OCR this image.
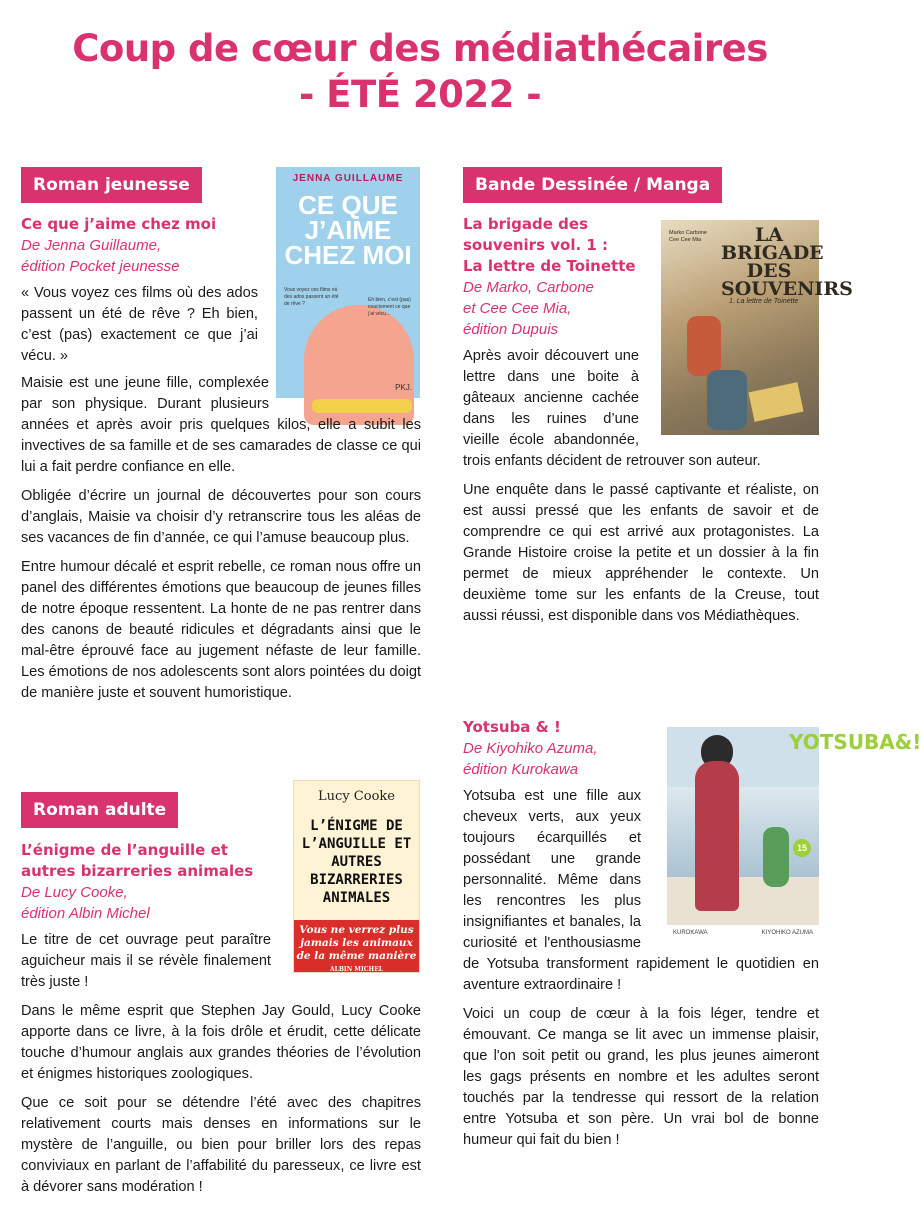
Coup de cœur des médiathécaires
- ÉTÉ 2022 -
Roman jeunesse	JENNA GUILLAUME
CE QUE J’AIME CHEZ MOI
Vous voyez ces films où des ados passent un été de rêve ?
Eh bien, c’est (pas) exactement ce que j’ai vécu...
PKJ.

Ce que j’aime chez moi

De Jenna Guillaume,

édition Pocket jeunesse

« Vous voyez ces films où des ados passent un été de rêve ? Eh bien, c’est (pas) exactement ce que j’ai vécu. »

Maisie est une jeune fille, complexée par son physique. Durant plusieurs années et après avoir pris quelques kilos, elle a subit les invectives de sa famille et de ses camarades de classe ce qui lui a fait perdre confiance en elle.

Obligée d’écrire un journal de découvertes pour son cours d’anglais, Maisie va choisir d’y retranscrire tous les aléas de ses vacances de fin d’année, ce qui l’amuse beaucoup plus.

Entre humour décalé et esprit rebelle, ce roman nous offre un panel des différentes émotions que beaucoup de jeunes filles de notre époque ressentent. La honte de ne pas rentrer dans des canons de beauté ridicules et dégradants ainsi que le mal-être éprouvé face au jugement néfaste de leur famille. Les émotions de nos adolescents sont alors pointées du doigt de manière juste et souvent humoristique.

Roman adulte
Lucy Cooke
L’ÉNIGME DE L’ANGUILLE ET AUTRES BIZARRERIES ANIMALES
Vous ne verrez plus jamais les animaux de la même manière
ALBIN MICHEL

L’énigme de l’anguille et autres bizarreries animales

De Lucy Cooke,

édition Albin Michel

Le titre de cet ouvrage peut paraître aguicheur mais il se révèle finalement très juste !

Dans le même esprit que Stephen Jay Gould, Lucy Cooke apporte dans ce livre, à la fois drôle et érudit, cette délicate touche d’humour anglais aux grandes théories de l’évolution et énigmes historiques zoologiques.

Que ce soit pour se détendre l’été avec des chapitres relativement courts mais denses en informations sur le mystère de l’anguille, ou bien pour briller lors des repas conviviaux en parlant de l’affabilité du paresseux, ce livre est à dévorer sans modération !

Bande Dessinée / Manga
Marko Carbone Cee Cee Mia	LA BRIGADE DES SOUVENIRS
1. La lettre de Toinette

La brigade des

souvenirs vol. 1 :

La lettre de Toinette

De Marko, Carbone

et Cee Cee Mia,

édition Dupuis

Après avoir découvert une lettre dans une boite à gâteaux ancienne cachée dans les ruines d’une vieille école abandonnée, trois enfants décident de retrouver son auteur.

Une enquête dans le passé captivante et réaliste, on est aussi pressé que les enfants de savoir et de comprendre ce qui est arrivé aux protagonistes. La Grande Histoire croise la petite et un dossier à la fin permet de mieux appréhender le contexte. Un deuxième tome sur les enfants de la Creuse, tout aussi réussi, est disponible dans vos Médiathèques.

YOTSUBA&!
15
KUROKAWA	KIYOHIKO AZUMA

Yotsuba & !

De Kiyohiko Azuma,

édition Kurokawa

Yotsuba est une fille aux cheveux verts, aux yeux toujours écarquillés et possédant une grande personnalité. Même dans les rencontres les plus insignifiantes et banales, la curiosité et l'enthousiasme de Yotsuba transforment rapidement le quotidien en aventure extraordinaire !

Voici un coup de cœur à la fois léger, tendre et émouvant. Ce manga se lit avec un immense plaisir, que l'on soit petit ou grand, les plus jeunes aimeront les gags présents en nombre et les adultes seront touchés par la tendresse qui ressort de la relation entre Yotsuba et son père. Un vrai bol de bonne humeur qui fait du bien !
